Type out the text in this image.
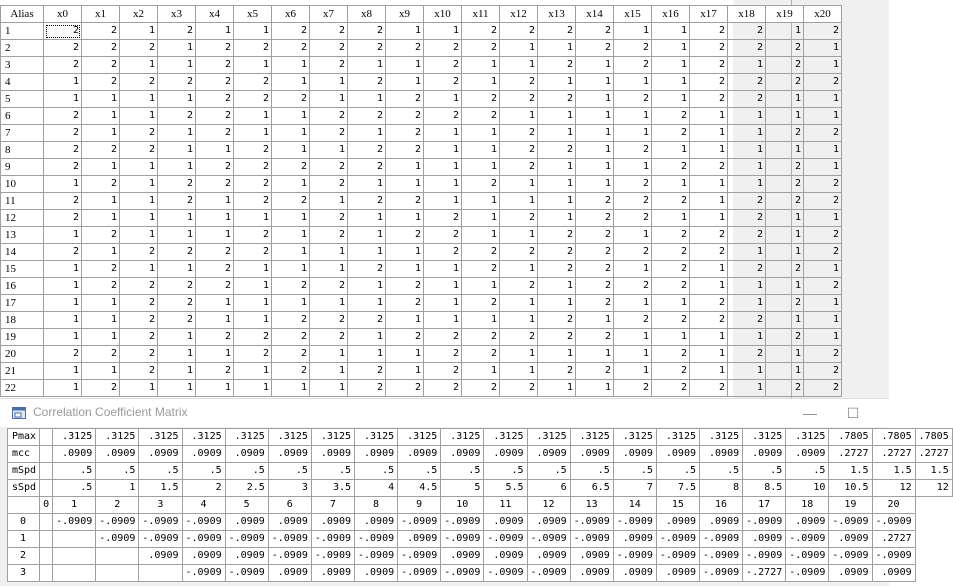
Alias	x0	x1	x2	x3	x4	x5	x6	x7	x8	x9	x10	x11	x12	x13	x14	x15	x16	x17	x18	x19	x20
1	2	2	1	2	1	1	2	2	2	1	1	2	2	2	2	1	1	2	2	1	2
2	2	2	2	1	2	2	2	2	2	2	2	2	1	1	2	2	1	2	2	2	1
3	2	2	1	1	2	1	1	2	1	1	2	1	1	2	1	2	1	2	1	2	1
4	1	2	2	2	2	2	1	1	2	1	2	1	2	1	1	1	1	2	2	2	2
5	1	1	1	1	2	2	2	1	1	2	1	2	2	2	1	2	1	2	2	1	1
6	2	1	1	2	2	1	1	2	2	2	2	2	1	1	1	1	2	1	1	1	1
7	2	1	2	1	2	1	1	2	1	2	1	1	2	1	1	1	2	1	1	2	2
8	2	2	2	1	1	2	1	1	2	2	1	1	2	2	1	2	1	1	1	1	1
9	2	1	1	1	2	2	2	2	2	1	1	1	2	1	1	1	2	2	1	2	1
10	1	2	1	2	2	2	1	2	1	1	1	2	1	1	1	2	1	1	1	2	2
11	2	1	1	2	1	2	2	1	2	2	1	1	1	1	2	2	2	1	2	2	2
12	2	1	1	1	1	1	1	2	1	1	2	1	2	1	2	2	1	1	2	1	1
13	1	2	1	1	1	2	1	2	1	2	2	1	1	2	2	1	2	2	2	1	2
14	2	1	2	2	2	2	1	1	1	1	2	2	2	2	2	2	2	2	1	1	2
15	1	2	1	1	2	1	1	1	2	1	1	2	1	2	2	1	2	1	2	2	1
16	1	2	2	2	2	1	2	2	1	2	1	1	2	1	2	2	2	1	1	1	2
17	1	1	2	2	1	1	1	1	1	2	1	2	1	1	2	1	1	2	1	2	1
18	1	1	2	2	1	1	2	2	2	1	1	1	1	2	1	2	2	2	2	1	1
19	1	1	2	1	2	2	2	2	1	2	2	2	2	2	2	1	1	1	1	2	1
20	2	2	2	1	1	2	2	1	1	1	2	2	1	1	1	1	2	1	2	1	2
21	1	1	2	1	2	1	2	1	2	1	2	1	1	2	2	1	2	1	1	1	2
22	1	2	1	1	1	1	1	1	2	2	2	2	2	1	1	2	2	2	1	2	2
Correlation Coefficient Matrix	—	☐
Pmax		.3125	.3125	.3125	.3125	.3125	.3125	.3125	.3125	.3125	.3125	.3125	.3125	.3125	.3125	.3125	.3125	.3125	.3125	.7805	.7805	.7805
mcc		.0909	.0909	.0909	.0909	.0909	.0909	.0909	.0909	.0909	.0909	.0909	.0909	.0909	.0909	.0909	.0909	.0909	.0909	.2727	.2727	.2727
mSpd		.5	.5	.5	.5	.5	.5	.5	.5	.5	.5	.5	.5	.5	.5	.5	.5	.5	.5	1.5	1.5	1.5
sSpd		.5	1	1.5	2	2.5	3	3.5	4	4.5	5	5.5	6	6.5	7	7.5	8	8.5	10	10.5	12	12
	0	1	2	3	4	5	6	7	8	9	10	11	12	13	14	15	16	17	18	19	20	
0		-.0909	-.0909	-.0909	-.0909	.0909	.0909	.0909	.0909	-.0909	-.0909	.0909	.0909	-.0909	-.0909	.0909	.0909	-.0909	.0909	-.0909	-.0909	
1			-.0909	-.0909	-.0909	-.0909	-.0909	-.0909	-.0909	.0909	-.0909	-.0909	-.0909	-.0909	.0909	-.0909	-.0909	.0909	-.0909	.0909	.2727	
2				.0909	.0909	.0909	-.0909	-.0909	-.0909	-.0909	.0909	.0909	.0909	.0909	-.0909	-.0909	-.0909	-.0909	-.0909	-.0909	-.0909	
3					-.0909	-.0909	.0909	.0909	.0909	-.0909	-.0909	-.0909	-.0909	.0909	.0909	.0909	-.0909	-.2727	-.0909	.0909	.0909	
